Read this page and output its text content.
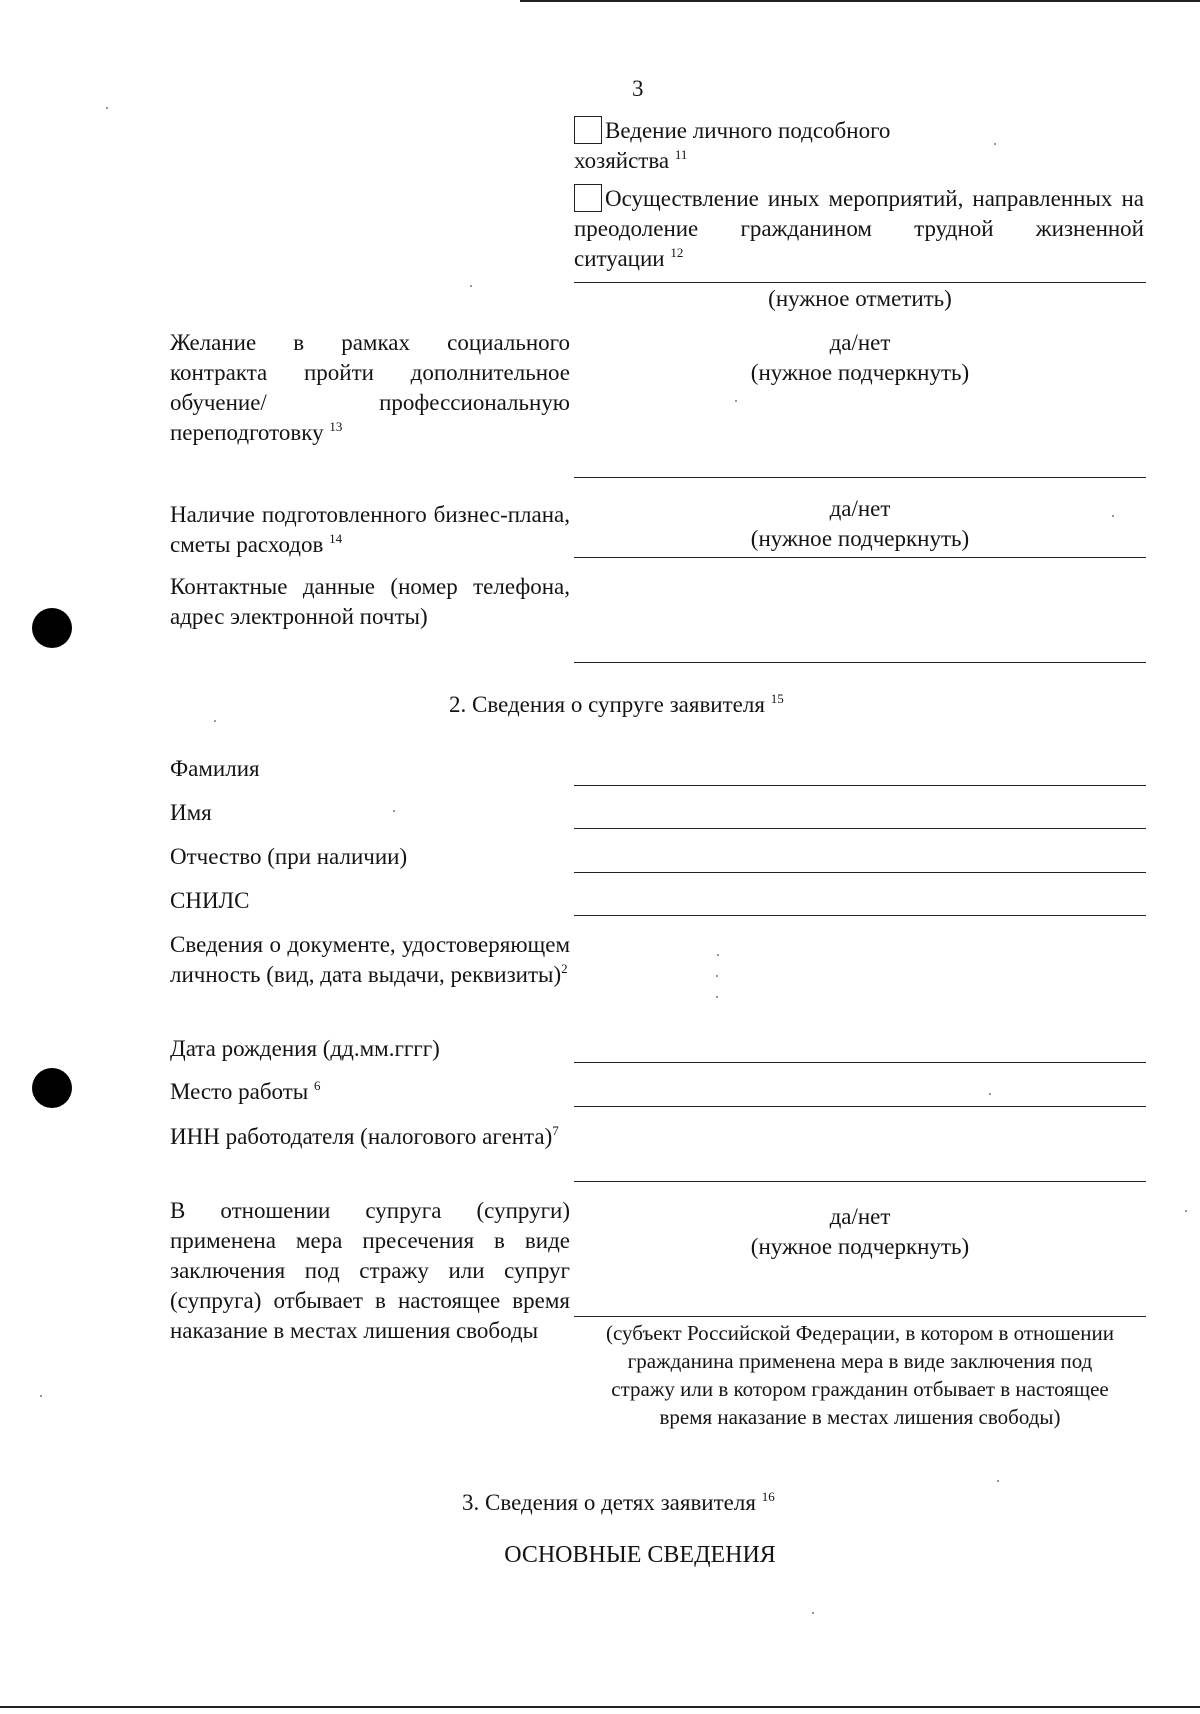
3
Ведение личного подсобного хозяйства $^{11}$
Осуществление иных мероприятий, направленных на преодоление гражданином трудной жизненной ситуации $^{12}$
(нужное отметить)
Желание в рамках социального контракта пройти дополнительное обучение/ профессиональную переподготовку $^{13}$
да/нет
(нужное подчеркнуть)
Наличие подготовленного бизнес-плана, сметы расходов $^{14}$
да/нет
(нужное подчеркнуть)
Контактные данные (номер телефона, адрес электронной почты)
2. Сведения о супруге заявителя $^{15}$
Фамилия
Имя
Отчество (при наличии)
СНИЛС
Сведения о документе, удостоверяющем личность (вид, дата выдачи, реквизиты)$^2$
Дата рождения (дд.мм.гггг)
Место работы $^6$
ИНН работодателя (налогового агента)$^7$
В отношении супруга (супруги) применена мера пресечения в виде заключения под стражу или супруг (супруга) отбывает в настоящее время наказание в местах лишения свободы
да/нет
(нужное подчеркнуть)
(субъект Российской Федерации, в котором в отношении гражданина применена мера в виде заключения под стражу или в котором гражданин отбывает в настоящее время наказание в местах лишения свободы)
3. Сведения о детях заявителя $^{16}$
ОСНОВНЫЕ СВЕДЕНИЯ
